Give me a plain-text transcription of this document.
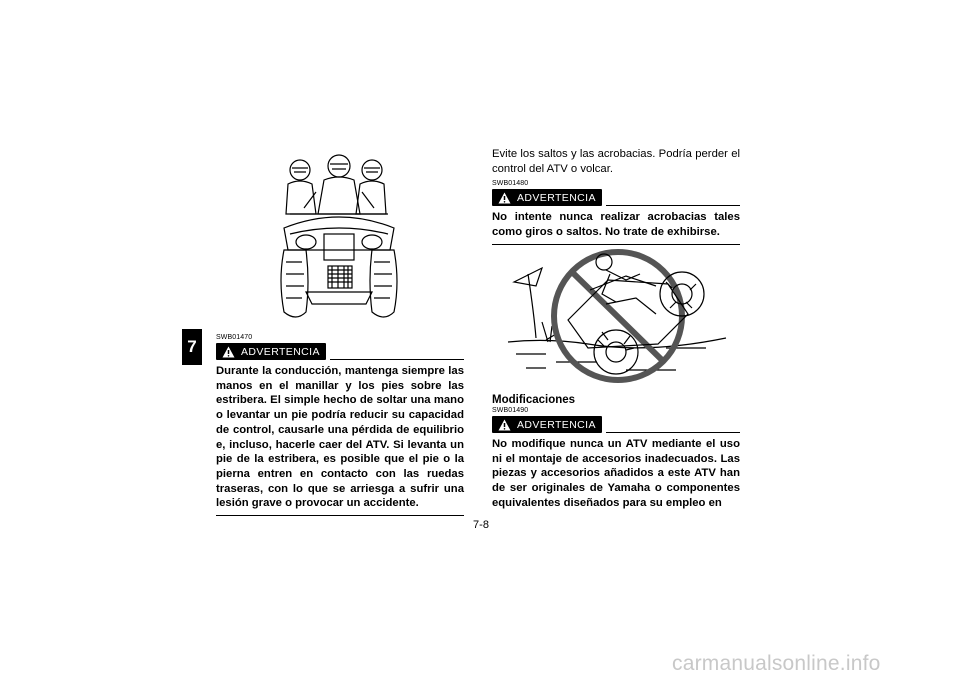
7	SWB01470
ADVERTENCIA

Durante la conducción, mantenga siempre las manos en el manillar y los pies sobre las estribera. El simple hecho de soltar una mano o levantar un pie podría reducir su capacidad de control, causarle una pérdida de equilibrio e, incluso, hacerle caer del ATV. Si levanta un pie de la estribera, es posible que el pie o la pierna entren en contacto con las ruedas traseras, con lo que se arriesga a sufrir una lesión grave o provocar un accidente.

Evite los saltos y las acrobacias. Podría perder el control del ATV o volcar.

SWB01480
ADVERTENCIA

No intente nunca realizar acrobacias tales como giros o saltos. No trate de exhibirse.

Modificaciones

SWB01490
ADVERTENCIA

No modifique nunca un ATV mediante el uso ni el montaje de accesorios inadecuados. Las piezas y accesorios añadidos a este ATV han de ser originales de Yamaha o componentes equivalentes diseñados para su empleo en

7-8
carmanualsonline.info
